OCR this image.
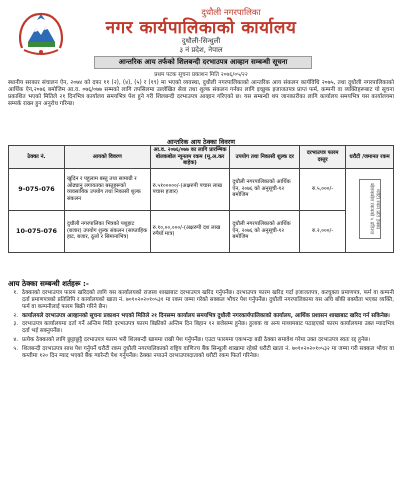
दुधौली नगरपालिका
नगर कार्यपालिकाको कार्यालय
दुधौली-सिन्धुली
३ नं प्रदेश, नेपाल
आन्तरिक आय तर्फको शिलबन्दी दरभाउपत्र आव्हान सम्बन्धी सूचना
प्रथम पटक सूचना प्रकाशन मिति २०७६/०५/२२
स्थानीय सरकार संचालन ऐन, २०७४ को दफा ११ (२), (४), (५) र (१९) मा भएको व्यवस्था, दुधौली नगरपालिकाको आन्तरिक आय संकलन कार्यविधि २०७५, तथा दुधौली नगरपालिकाको आर्थिक ऐन,२०७६ बमोजिम आ.व. ०७६/०७७ सम्मको लागि तपसिलमा उल्लेखित सेवा तथा शुल्क संकलन गर्नका लागि इच्छुक इजाजतपत्र प्राप्त फर्म, कम्पनी वा व्यक्तिहरूबाट यो सूचना प्रकाशित भएको मितिले २१ दिनभित्र कार्यालय समयभित्र पेश हुने गरी शिलबन्दी दरभाउपत्र आव्हान गरिएको छ। यस सम्बन्धी थप जानकारीका लागि कार्यालय समयभित्र यस कार्यालयमा सम्पर्क राख्न हुन अनुरोध गरिन्छ।
आन्तरिक आय ठेक्का विवरण
ठेक्का नं.	आयको विवरण	आ.व. २०७६/०७७ का लागि प्रारम्भिक बोलकबोल न्यूनतम रकम (मू.अ.कर बाहेक)	उपयोग तथा निकासी शुल्क दर	दरभाउपत्र फारम दस्तुर	धरौटी /जमानत रकम
9-075-076	खुदिन र पहुलाम बस्तु तथा सामाग्री र ओढ्यानु लगायतका बस्तुहरूको व्यवसायिक उपयोग तथा निकासी शुल्क संकलन	रु.५१०००००/-(अक्षरुपी पचास लाख पचास हजार)	दुधौली नगरपालिकाको आर्थिक ऐन, २०७६ को अनुसूची-१२ बमोजिम	रु.५,०००/-	धरौटी रकम प्रति ठेक्का बोलकबोल रकमको ५ प्रतिशत
10-075-076	दुधौली नगरपालिका भित्रको पशुहाट (बजार) उपयोग शुल्क संकलन (साप्ताहिक हाट, बजार, ठूलो र सिमानाभित्र)	रु.१०,००,०००/-(अक्षरुपी दश लाख रुपैयाँ मात्र)	दुधौली नगरपालिकाको आर्थिक ऐन, २०७६ को अनुसूची-१२ बमोजिम	रु.२,०००/-	
आय ठेक्का सम्बन्धी शर्तहरू :-
१. ठेक्काको दरभाउपत्र फारम खरिदको लागि यस कार्यालयको राजस्व शाखाबाट दरभाउपत्र खरिद गर्नुपर्नेछ। दरभाउपत्र फारम खरिद गर्दा इजाजतपत्र, करचुक्ता प्रमाणपत्र, फर्म वा कम्पनी दर्ता प्रमाणपत्रको प्रतिलिपि र कार्यालयको खाता नं. ७०१०२०२०१०५३१ मा रकम जम्मा गरेको सक्कल भौचर पेश गर्नुपर्नेछ। दुधौली नगरपालिकामा यस अघि बाँकी बक्यौता भएका व्यक्ति, फर्म वा कम्पनीलाई फारम बिक्री गरिने छैन।
२. कार्यालयले दरभाउपत्र आव्हानको सूचना प्रकाशन भएको मितिले २१ दिनसम्म कार्यालय समयभित्र दुधौली नगरकार्यपालिकाको कार्यालय, आर्थिक प्रशासन शाखाबाट खरिद गर्न सकिनेछ।
३. दरभाउपत्र कार्यालयमा दर्ता गर्ने अन्तिम मिति दरभाउपत्र फारम बिक्रीको अन्तिम दिन बिहान १२ बजेसम्म हुनेछ। हुलाक वा अन्य माध्यमबाट पठाइएको फारम कार्यालयमा उक्त म्यादभित्र दर्ता भई सक्नुपर्नेछ।
४. प्रत्येक ठेक्काको लागि छुट्टाछुट्टै दरभाउपत्र फारम भरी शिलबन्दी खाममा राखी पेश गर्नुपर्नेछ। एउटा फारममा एकभन्दा बढी ठेक्का समावेश गरेमा उक्त दरभाउपत्र स्वतः रद्द हुनेछ।
५. शिलबन्दी दरभाउपत्र साथ पेश गर्नुपर्ने धरौटी रकम दुधौली नगरपालिकाको राष्ट्रिय वाणिज्य बैंक सिन्धुली शाखामा रहेको धरौटी खाता नं. ७०१०२०२०१०५३२ मा जम्मा गरी सक्कल भौचर वा कम्तीमा १२० दिन म्याद भएको बैंक ग्यारेन्टी पेश गर्नुपर्नेछ। ठेक्का नपाउने दरभाउपत्रदाताको धरौटी रकम फिर्ता गरिनेछ।
